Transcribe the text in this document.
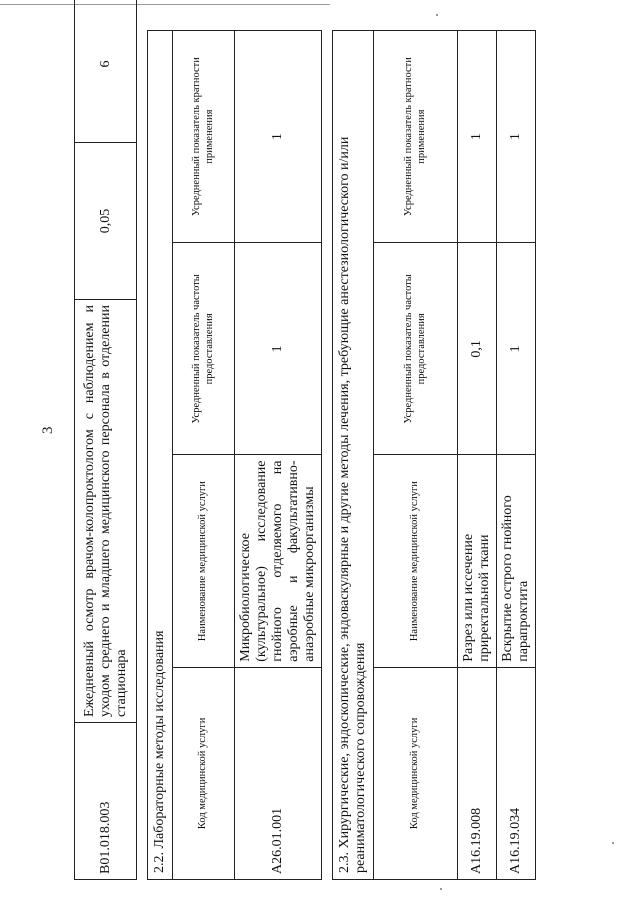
3
В01.018.003	Ежедневный осмотр врачом-колопроктологом с наблюдением и уходом среднего и младшего медицинского персонала в отделении стационара	0,05	6
2.2. Лабораторные методы исследования			
Код медицинской услуги	Наименование медицинской услуги	Усредненный показатель частоты предоставления	Усредненный показатель кратности применения
A26.01.001	Микробиологическое (культуральное) исследование гнойного отделяемого на аэробные и факультативно-анаэробные микроорганизмы	1	1
2.3. Хирургические, эндоскопические, эндоваскулярные и другие методы лечения, требующие анестезиологического и/или реаниматологического сопровождения			
Код медицинской услуги	Наименование медицинской услуги	Усредненный показатель частоты предоставления	Усредненный показатель кратности применения
A16.19.008	Разрез или иссечение приректальной ткани	0,1	1
A16.19.034	Вскрытие острого гнойного парапроктита	1	1
